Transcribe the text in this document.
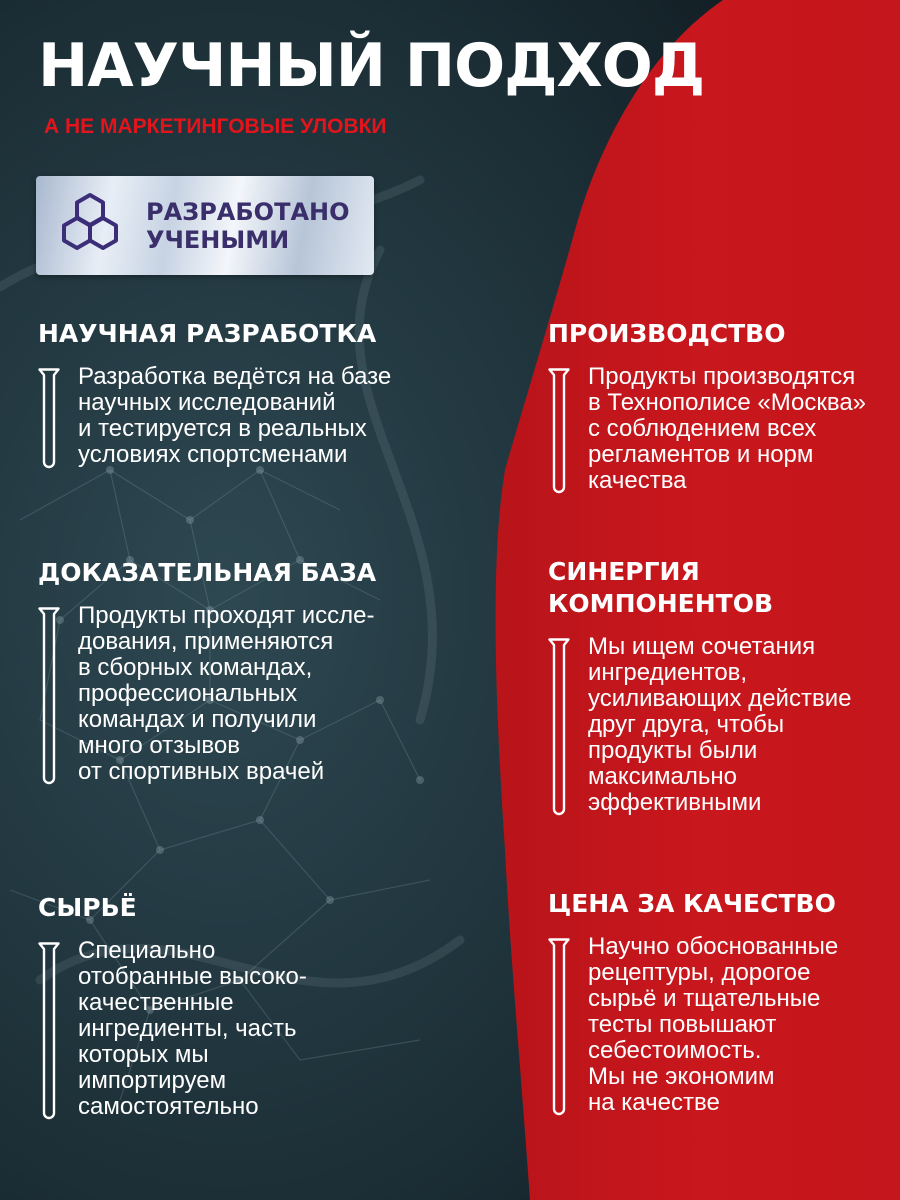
НАУЧНЫЙ ПОДХОД

А НЕ МАРКЕТИНГОВЫЕ УЛОВКИ

РАЗРАБОТАНО
УЧЕНЫМИ
НАУЧНАЯ РАЗРАБОТКА
Разработка ведётся на базе
научных исследований
и тестируется в реальных
условиях спортсменами
ДОКАЗАТЕЛЬНАЯ БАЗА
Продукты проходят иссле-
дования, применяются
в сборных командах,
профессиональных
командах и получили
много отзывов
от спортивных врачей
СЫРЬЁ
Специально
отобранные высоко-
качественные
ингредиенты, часть
которых мы
импортируем
самостоятельно
ПРОИЗВОДСТВО
Продукты производятся
в Технополисе «Москва»
с соблюдением всех
регламентов и норм
качества
СИНЕРГИЯ
КОМПОНЕНТОВ
Мы ищем сочетания
ингредиентов,
усиливающих действие
друг друга, чтобы
продукты были
максимально
эффективными
ЦЕНА ЗА КАЧЕСТВО
Научно обоснованные
рецептуры, дорогое
сырьё и тщательные
тесты повышают
себестоимость.
Мы не экономим
на качестве
